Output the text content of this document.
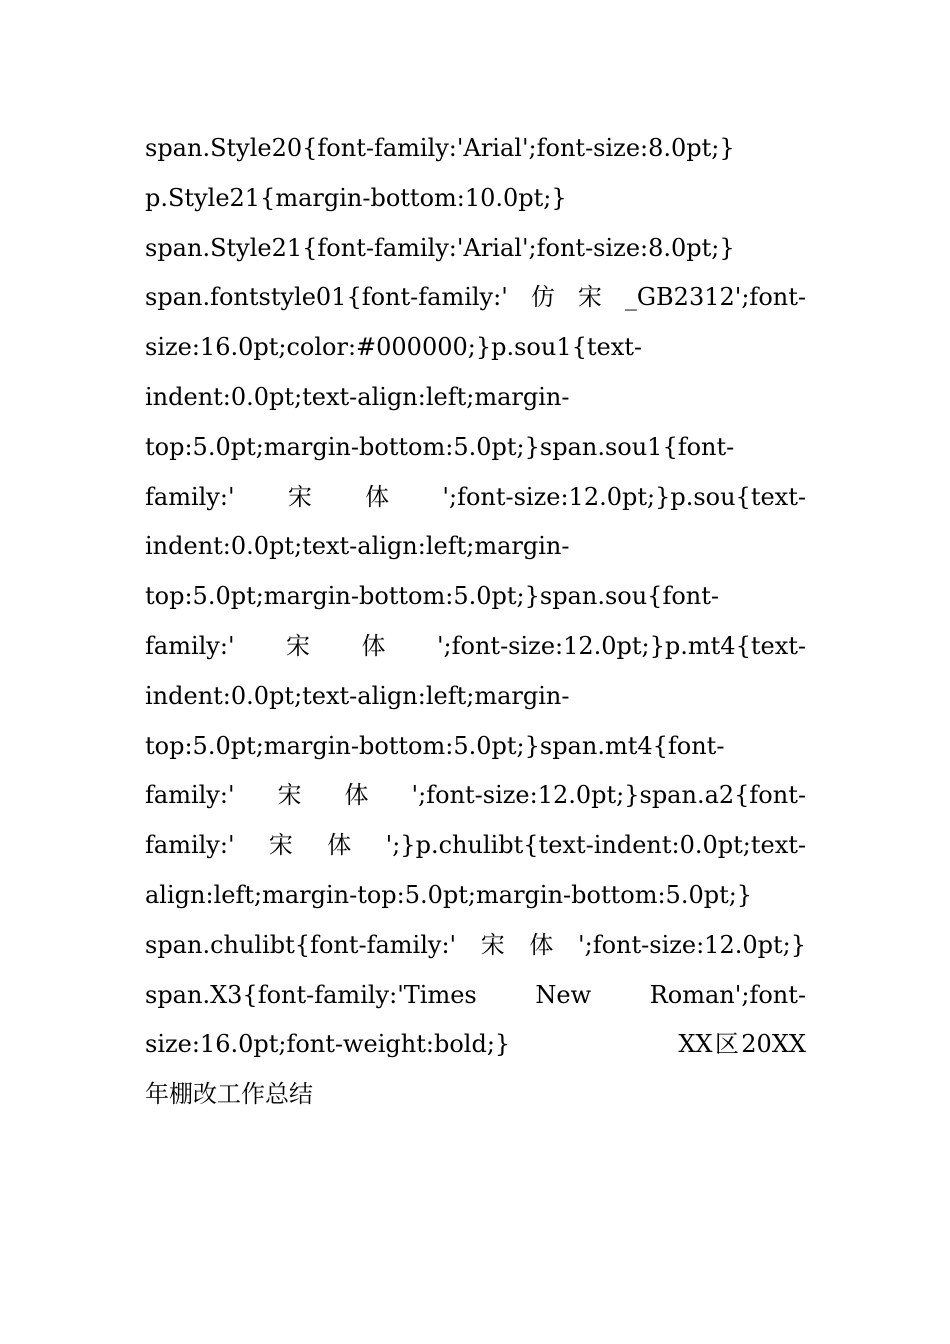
span.Style20{font-family:'Arial';font-size:8.0pt;}
p.Style21{margin-bottom:10.0pt;}
span.Style21{font-family:'Arial';font-size:8.0pt;}
span.fontstyle01{font-family:' 仿 宋 _GB2312';font-
size:16.0pt;color:#000000;}p.sou1{text-
indent:0.0pt;text-align:left;margin-
top:5.0pt;margin-bottom:5.0pt;}span.sou1{font-
family:' 宋 体 ';font-size:12.0pt;}p.sou{text-
indent:0.0pt;text-align:left;margin-
top:5.0pt;margin-bottom:5.0pt;}span.sou{font-
family:' 宋 体 ';font-size:12.0pt;}p.mt4{text-
indent:0.0pt;text-align:left;margin-
top:5.0pt;margin-bottom:5.0pt;}span.mt4{font-
family:' 宋 体 ';font-size:12.0pt;}span.a2{font-
family:' 宋 体 ';}p.chulibt{text-indent:0.0pt;text-
align:left;margin-top:5.0pt;margin-bottom:5.0pt;}
span.chulibt{font-family:' 宋 体 ';font-size:12.0pt;}
span.X3{font-family:'Times New Roman';font-
size:16.0pt;font-weight:bold;}	XX
  区
  20XX
年棚改工作总结
